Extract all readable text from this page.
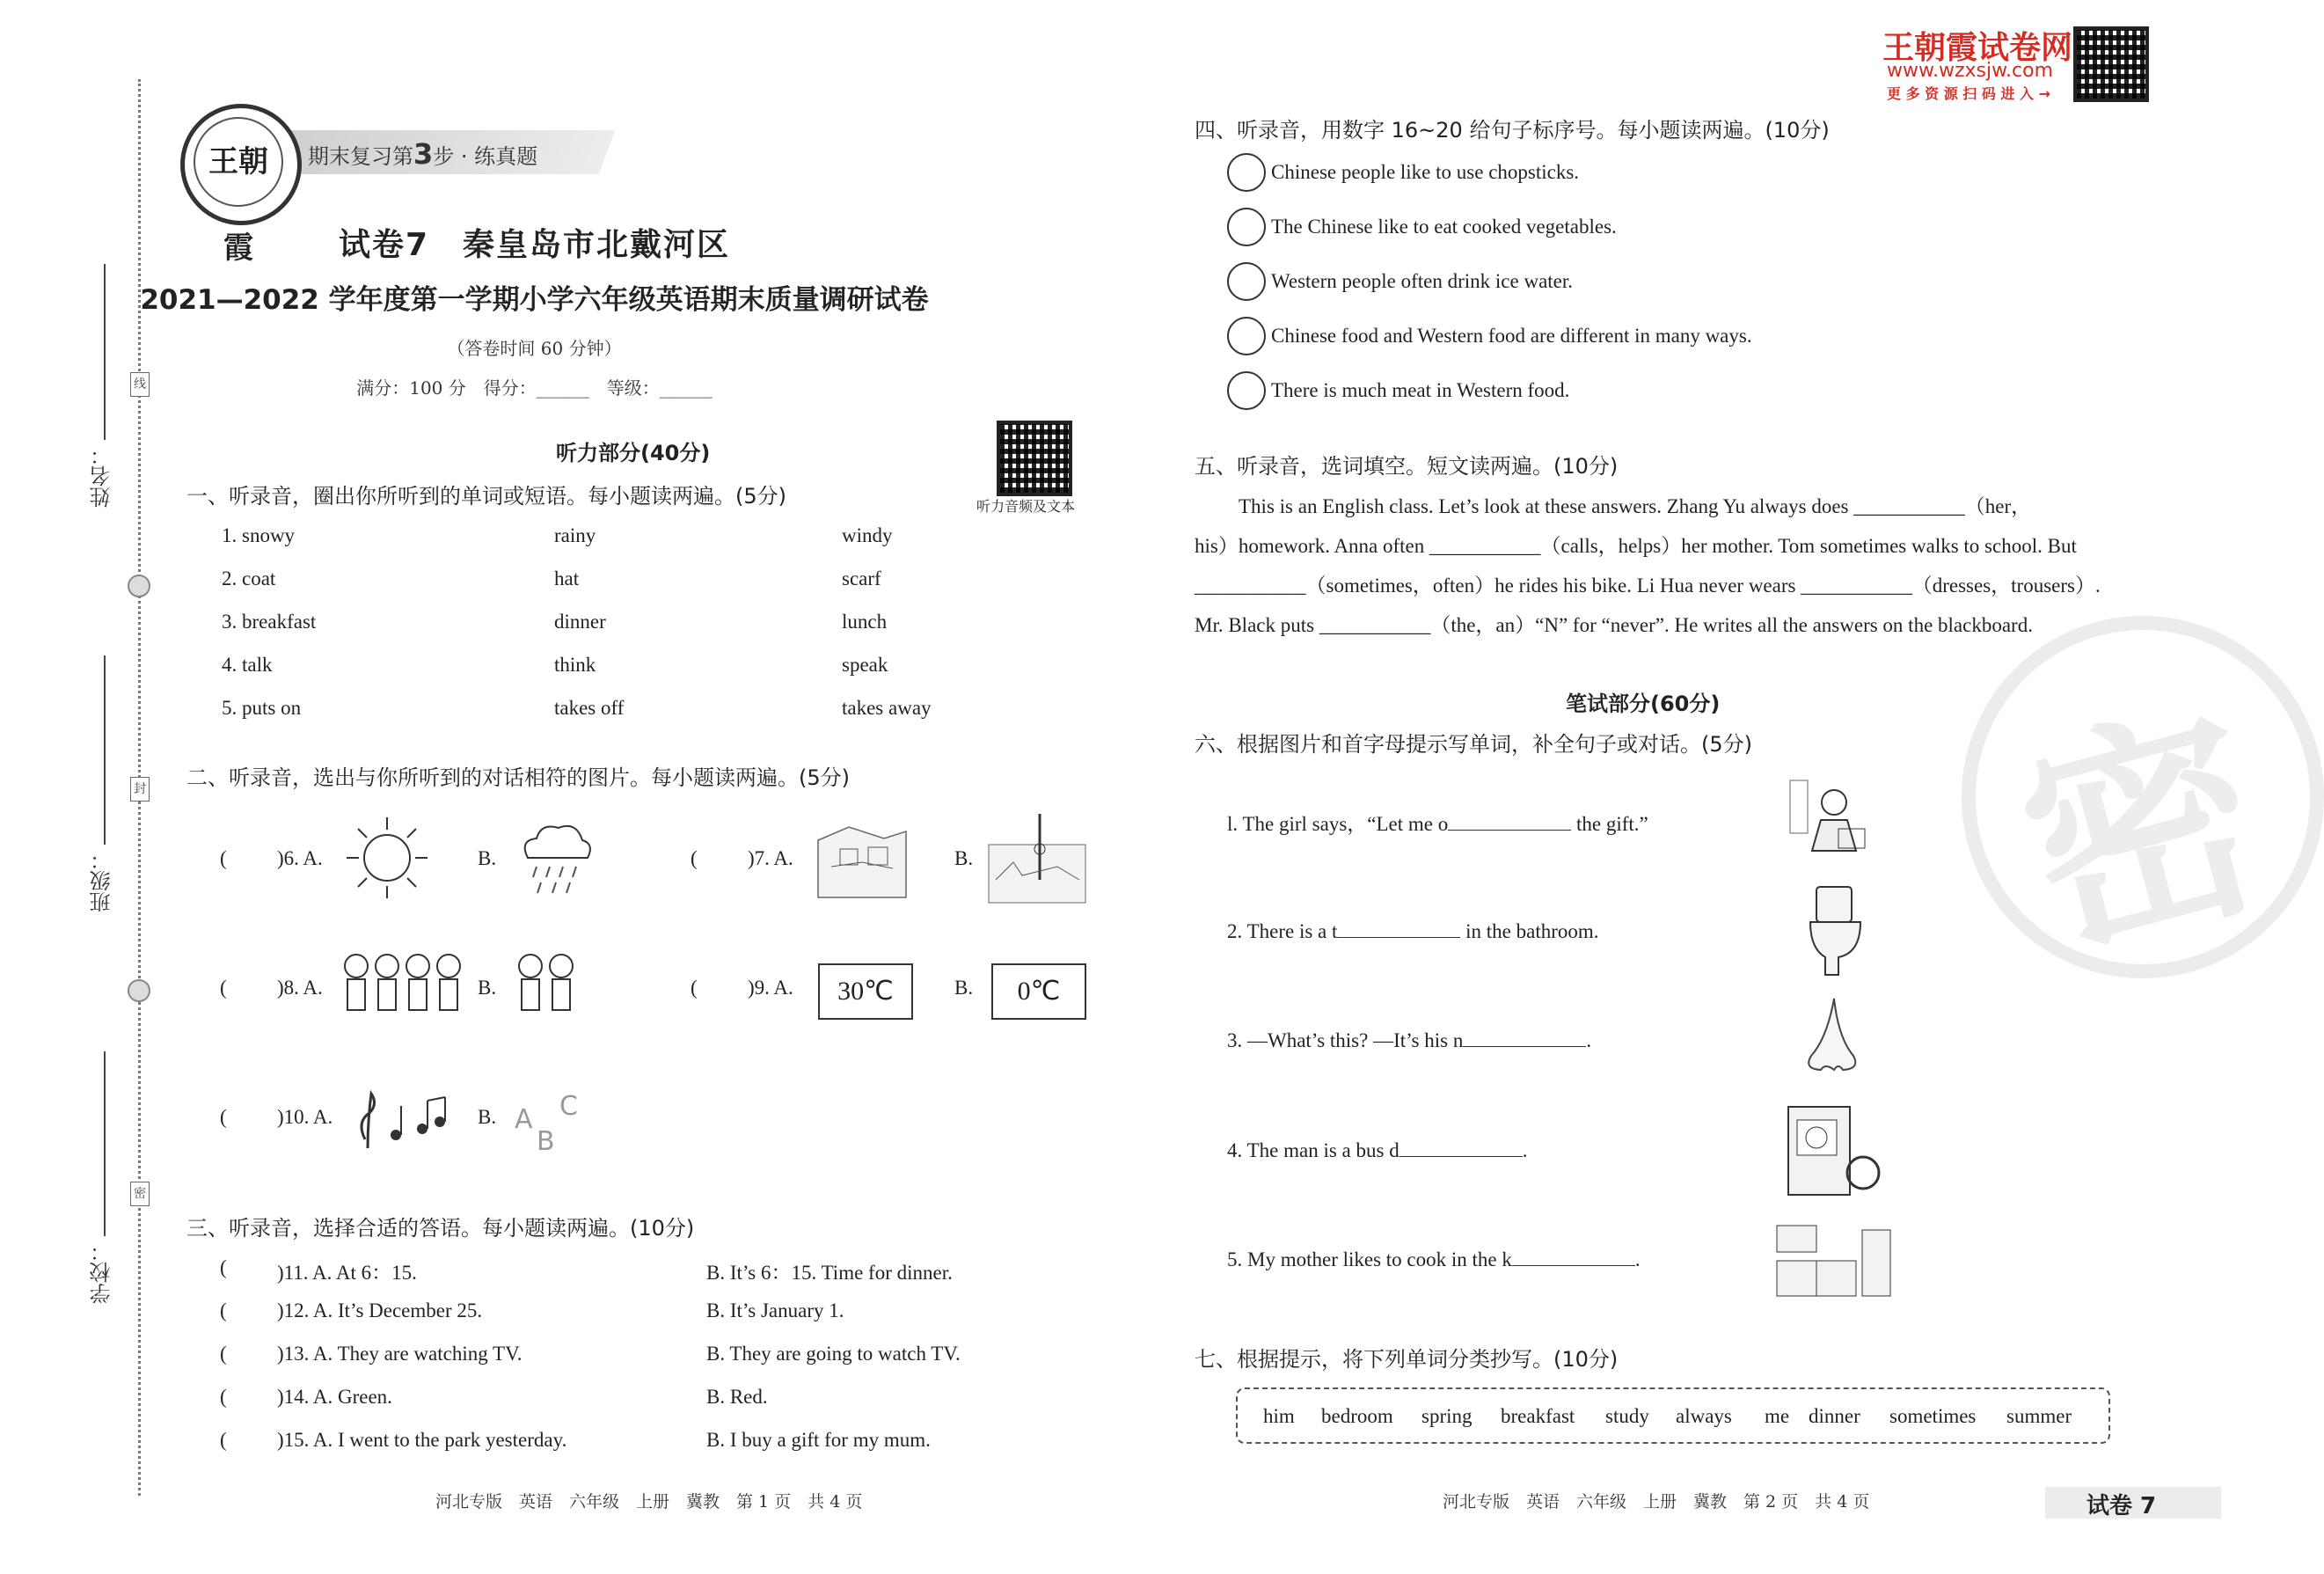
姓名：
班级：
学校：
线
封
密
期末复习第3步 · 练真题
王朝霞	试卷7　秦皇岛市北戴河区
2021—2022 学年度第一学期小学六年级英语期末质量调研试卷
（答卷时间 60 分钟）
满分：100 分　得分：______　等级：______
听力音频及文本
王朝霞试卷网
www.wzxsjw.com
更 多 资 源 扫 码 进 入 →
密
听力部分(40分)
一、听录音，圈出你所听到的单词或短语。每小题读两遍。(5分)
1. snowy	rainy	windy
2. coat	hat	scarf
3. breakfast	dinner	lunch
4. talk	think	speak
5. puts on	takes off	takes away
二、听录音，选出与你所听到的对话相符的图片。每小题读两遍。(5分)
( )6. A.	B.	( )7. A.	B.
( )8. A.	B.	( )9. A.	30℃	B.	0℃
( )10. A.	B. A
B
C
三、听录音，选择合适的答语。每小题读两遍。(10分)
( )11. A. At 6：15.	B. It’s 6：15. Time for dinner.
( )12. A. It’s December 25.	B. It’s January 1.
( )13. A. They are watching TV.	B. They are going to watch TV.
( )14. A. Green.	B. Red.
( )15. A. I went to the park yesterday.	B. I buy a gift for my mum.
河北专版　英语　六年级　上册　冀教　第 1 页　共 4 页
四、听录音，用数字 16~20 给句子标序号。每小题读两遍。(10分)
Chinese people like to use chopsticks.
The Chinese like to eat cooked vegetables.
Western people often drink ice water.
Chinese food and Western food are different in many ways.
There is much meat in Western food.
五、听录音，选词填空。短文读两遍。(10分)
This is an English class. Let’s look at these answers. Zhang Yu always does ___________（her，
his）homework. Anna often ___________（calls，helps）her mother. Tom sometimes walks to school. But
___________（sometimes，often）he rides his bike. Li Hua never wears ___________（dresses，trousers）.
Mr. Black puts ___________（the，an）“N” for “never”. He writes all the answers on the blackboard.
笔试部分(60分)
六、根据图片和首字母提示写单词，补全句子或对话。(5分)
l. The girl says，“Let me o	the gift.”
2. There is a t	in the bathroom.
3. —What’s this? —It’s his n	.
4. The man is a bus d	.
5. My mother likes to cook in the k	.
七、根据提示，将下列单词分类抄写。(10分)
him bedroom spring breakfast study always me dinner sometimes summer
河北专版　英语　六年级　上册　冀教　第 2 页　共 4 页	试卷 7
